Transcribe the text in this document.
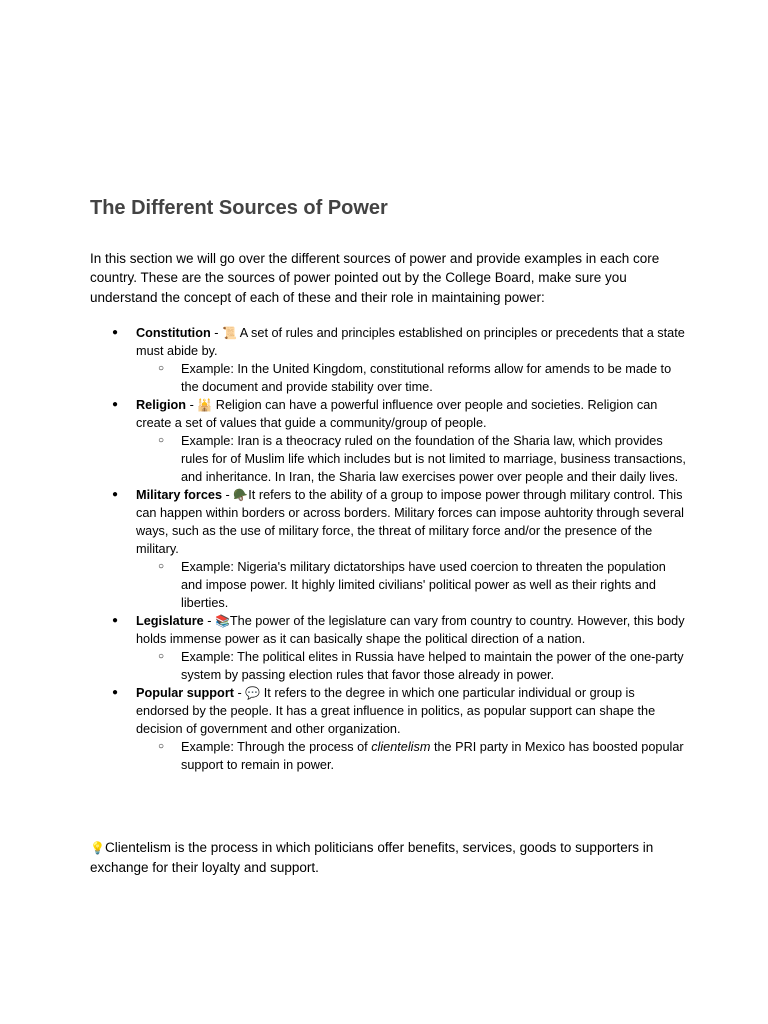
The Different Sources of Power

In this section we will go over the different sources of power and provide examples in each core country. These are the sources of power pointed out by the College Board, make sure you understand the concept of each of these and their role in maintaining power:

● Constitution - 📜 A set of rules and principles established on principles or precedents that a state must abide by.
○ Example: In the United Kingdom, constitutional reforms allow for amends to be made to the document and provide stability over time.
● Religion - 🕌 Religion can have a powerful influence over people and societies. Religion can create a set of values that guide a community/group of people.
○ Example: Iran is a theocracy ruled on the foundation of the Sharia law, which provides rules for of Muslim life which includes but is not limited to marriage, business transactions, and inheritance. In Iran, the Sharia law exercises power over people and their daily lives.
● Military forces - 🪖It refers to the ability of a group to impose power through military control. This can happen within borders or across borders. Military forces can impose auhtority through several ways, such as the use of military force, the threat of military force and/or the presence of the military.
○ Example: Nigeria's military dictatorships have used coercion to threaten the population and impose power. It highly limited civilians' political power as well as their rights and liberties.
● Legislature - 📚The power of the legislature can vary from country to country. However, this body holds immense power as it can basically shape the political direction of a nation.
○ Example: The political elites in Russia have helped to maintain the power of the one-party system by passing election rules that favor those already in power.
● Popular support - 💬 It refers to the degree in which one particular individual or group is endorsed by the people. It has a great influence in politics, as popular support can shape the decision of government and other organization.
○ Example: Through the process of clientelism the PRI party in Mexico has boosted popular support to remain in power.

💡Clientelism is the process in which politicians offer benefits, services, goods to supporters in exchange for their loyalty and support.
